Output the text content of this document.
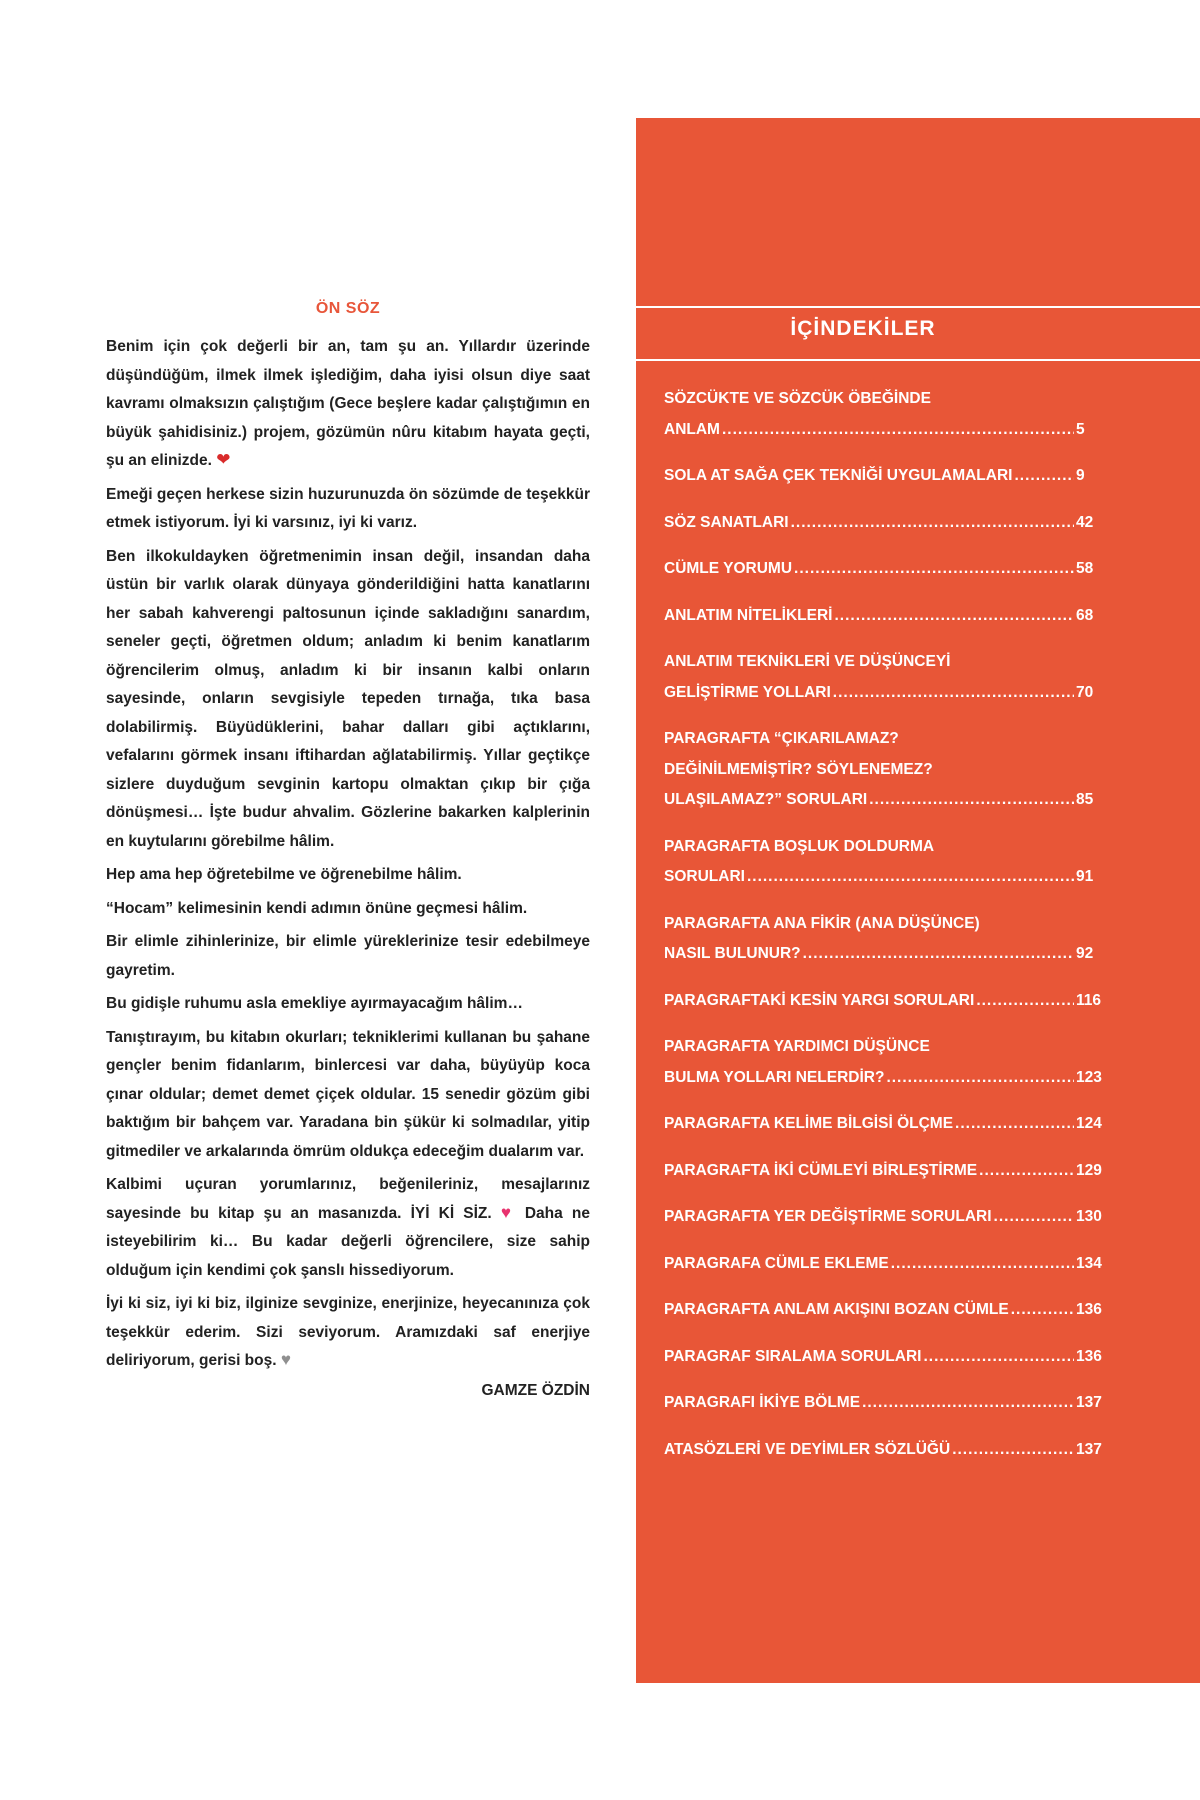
ÖN SÖZ

Benim için çok değerli bir an, tam şu an. Yıllardır üzerinde düşündüğüm, ilmek ilmek işlediğim, daha iyisi olsun diye saat kavramı olmaksızın çalıştığım (Gece beşlere kadar çalıştığımın en büyük şahidisiniz.) projem, gözümün nûru kitabım hayata geçti, şu an elinizde. ❤

Emeği geçen herkese sizin huzurunuzda ön sözümde de teşekkür etmek istiyorum. İyi ki varsınız, iyi ki varız.

Ben ilkokuldayken öğretmenimin insan değil, insandan daha üstün bir varlık olarak dünyaya gönderildiğini hatta kanatlarını her sabah kahverengi paltosunun içinde sakladığını sanardım, seneler geçti, öğretmen oldum; anladım ki benim kanatlarım öğrencilerim olmuş, anladım ki bir insanın kalbi onların sayesinde, onların sevgisiyle tepeden tırnağa, tıka basa dolabilirmiş. Büyüdüklerini, bahar dalları gibi açtıklarını, vefalarını görmek insanı iftihardan ağlatabilirmiş. Yıllar geçtikçe sizlere duyduğum sevginin kartopu olmaktan çıkıp bir çığa dönüşmesi… İşte budur ahvalim. Gözlerine bakarken kalplerinin en kuytularını görebilme hâlim.

Hep ama hep öğretebilme ve öğrenebilme hâlim.

“Hocam” kelimesinin kendi adımın önüne geçmesi hâlim.

Bir elimle zihinlerinize, bir elimle yüreklerinize tesir edebilmeye gayretim.

Bu gidişle ruhumu asla emekliye ayırmayacağım hâlim…

Tanıştırayım, bu kitabın okurları; tekniklerimi kullanan bu şahane gençler benim fidanlarım, binlercesi var daha, büyüyüp koca çınar oldular; demet demet çiçek oldular. 15 senedir gözüm gibi baktığım bir bahçem var. Yaradana bin şükür ki solmadılar, yitip gitmediler ve arkalarında ömrüm oldukça edeceğim dualarım var.

Kalbimi uçuran yorumlarınız, beğenileriniz, mesajlarınız sayesinde bu kitap şu an masanızda. İYİ Kİ SİZ. ♥ Daha ne isteyebilirim ki… Bu kadar değerli öğrencilere, size sahip olduğum için kendimi çok şanslı hissediyorum.

İyi ki siz, iyi ki biz, ilginize sevginize, enerjinize, heyecanınıza çok teşekkür ederim. Sizi seviyorum. Aramızdaki saf enerjiye deliriyorum, gerisi boş. ♥

GAMZE ÖZDİN
İÇİNDEKİLER
SÖZCÜKTE VE SÖZCÜK ÖBEĞİNDE
ANLAM .....	5
SOLA AT SAĞA ÇEK TEKNİĞİ UYGULAMALARI .....	9
SÖZ SANATLARI .....	42
CÜMLE YORUMU .....	58
ANLATIM NİTELİKLERİ .....	68
ANLATIM TEKNİKLERİ VE DÜŞÜNCEYİ
GELİŞTİRME YOLLARI .....	70
PARAGRAFTA “ÇIKARILAMAZ?
DEĞİNİLMEMİŞTİR? SÖYLENEMEZ?
ULAŞILAMAZ?” SORULARI .....	85
PARAGRAFTA BOŞLUK DOLDURMA
SORULARI .....	91
PARAGRAFTA ANA FİKİR (ANA DÜŞÜNCE)
NASIL BULUNUR? .....	92
PARAGRAFTAKİ KESİN YARGI SORULARI .....	116
PARAGRAFTA YARDIMCI DÜŞÜNCE
BULMA YOLLARI NELERDİR? .....	123
PARAGRAFTA KELİME BİLGİSİ ÖLÇME .....	124
PARAGRAFTA İKİ CÜMLEYİ BİRLEŞTİRME .....	129
PARAGRAFTA YER DEĞİŞTİRME SORULARI .....	130
PARAGRAFA CÜMLE EKLEME .....	134
PARAGRAFTA ANLAM AKIŞINI BOZAN CÜMLE .....	136
PARAGRAF SIRALAMA SORULARI .....	136
PARAGRAFI İKİYE BÖLME .....	137
ATASÖZLERİ VE DEYİMLER SÖZLÜĞÜ .....	137
